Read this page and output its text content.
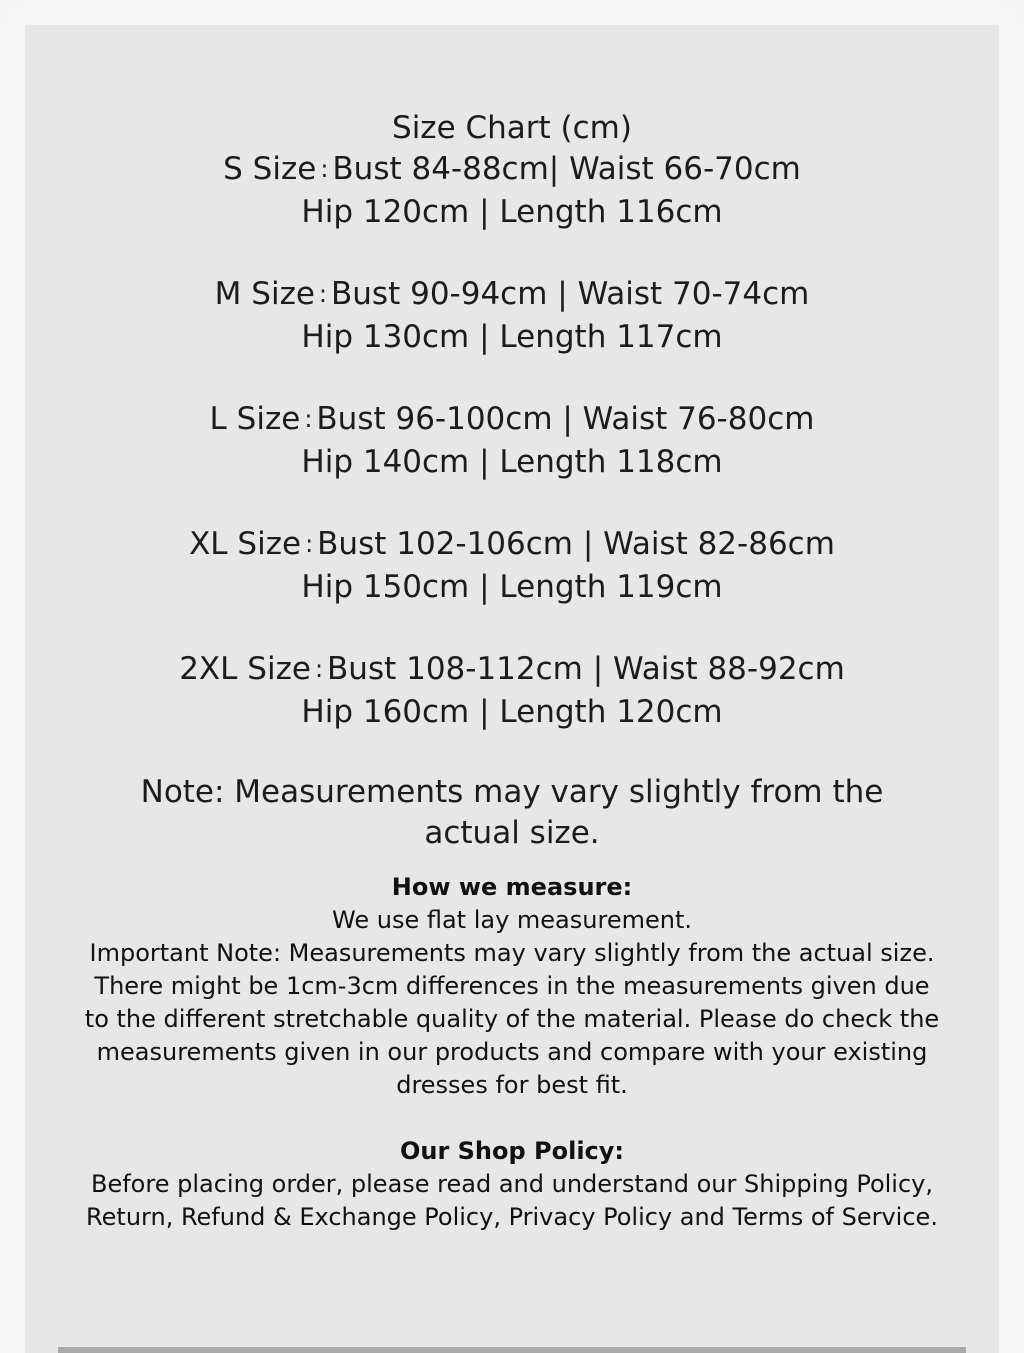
Size Chart (cm)
S Size : Bust 84-88cm| Waist 66-70cm
Hip 120cm | Length 116cm
M Size : Bust 90-94cm | Waist 70-74cm
Hip 130cm | Length 117cm
L Size : Bust 96-100cm | Waist 76-80cm
Hip 140cm | Length 118cm
XL Size : Bust 102-106cm | Waist 82-86cm
Hip 150cm | Length 119cm
2XL Size : Bust 108-112cm | Waist 88-92cm
Hip 160cm | Length 120cm
Note: Measurements may vary slightly from the
actual size.
How we measure:
We use flat lay measurement.
Important Note: Measurements may vary slightly from the actual size. There might be 1cm-3cm differences in the measurements given due to the different stretchable quality of the material. Please do check the measurements given in our products and compare with your existing dresses for best fit.
Our Shop Policy:
Before placing order, please read and understand our Shipping Policy, Return, Refund & Exchange Policy, Privacy Policy and Terms of Service.
